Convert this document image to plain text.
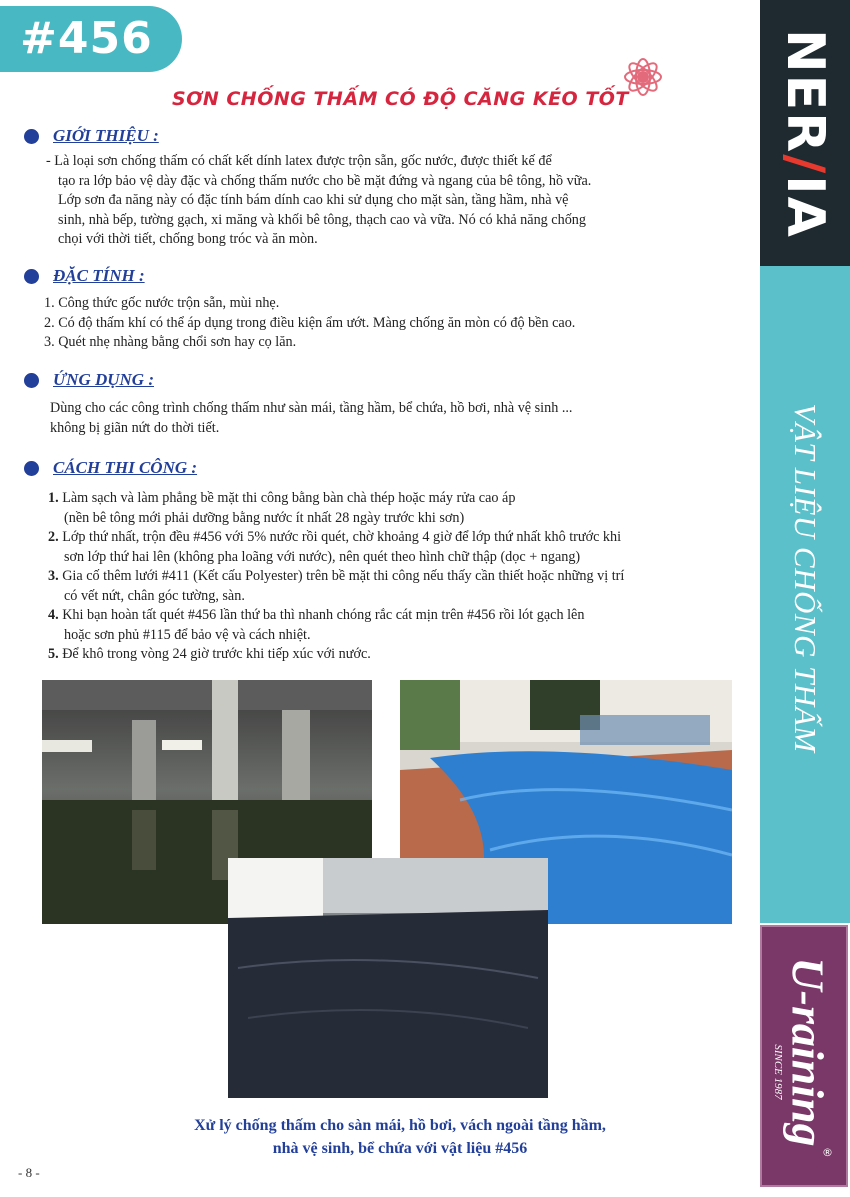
#456
SƠN CHỐNG THẤM CÓ ĐỘ CĂNG KÉO TỐT
GIỚI THIỆU :
- Là loại sơn chống thấm có chất kết dính latex được trộn sẵn, gốc nước, được thiết kế để
tạo ra lớp bảo vệ dày đặc và chống thấm nước cho bề mặt đứng và ngang của bê tông, hồ vữa.
Lớp sơn đa năng này có đặc tính bám dính cao khi sử dụng cho mặt sàn, tầng hầm, nhà vệ
sinh, nhà bếp, tường gạch, xi măng và khối bê tông, thạch cao và vữa. Nó có khả năng chống
chọi với thời tiết, chống bong tróc và ăn mòn.
ĐẶC TÍNH :
1. Công thức gốc nước trộn sẵn, mùi nhẹ.
2. Có độ thấm khí có thể áp dụng trong điều kiện ẩm ướt. Màng chống ăn mòn có độ bền cao.
3. Quét nhẹ nhàng bằng chổi sơn hay cọ lăn.
ỨNG DỤNG :
Dùng cho các công trình chống thấm như sàn mái, tầng hầm, bể chứa, hồ bơi, nhà vệ sinh ...
không bị giãn nứt do thời tiết.
CÁCH THI CÔNG :
1. Làm sạch và làm phẳng bề mặt thi công bằng bàn chà thép hoặc máy rửa cao áp
(nền bê tông mới phải dưỡng bằng nước ít nhất 28 ngày trước khi sơn)
2. Lớp thứ nhất, trộn đều #456 với 5% nước rồi quét, chờ khoảng 4 giờ để lớp thứ nhất khô trước khi
sơn lớp thứ hai lên (không pha loãng với nước), nên quét theo hình chữ thập (dọc + ngang)
3. Gia cố thêm lưới #411 (Kết cấu Polyester) trên bề mặt thi công nếu thấy cần thiết hoặc những vị trí
có vết nứt, chân góc tường, sàn.
4. Khi bạn hoàn tất quét #456 lần thứ ba thì nhanh chóng rắc cát mịn trên #456 rồi lót gạch lên
hoặc sơn phủ #115 để bảo vệ và cách nhiệt.
5. Để khô trong vòng 24 giờ trước khi tiếp xúc với nước.
Xử lý chống thấm cho sàn mái, hồ bơi, vách ngoài tầng hầm,
nhà vệ sinh, bể chứa với vật liệu #456
- 8 -
NER/IA
VẬT LIỆU CHỐNG THẤM
U-raining
SINCE 1987
®
